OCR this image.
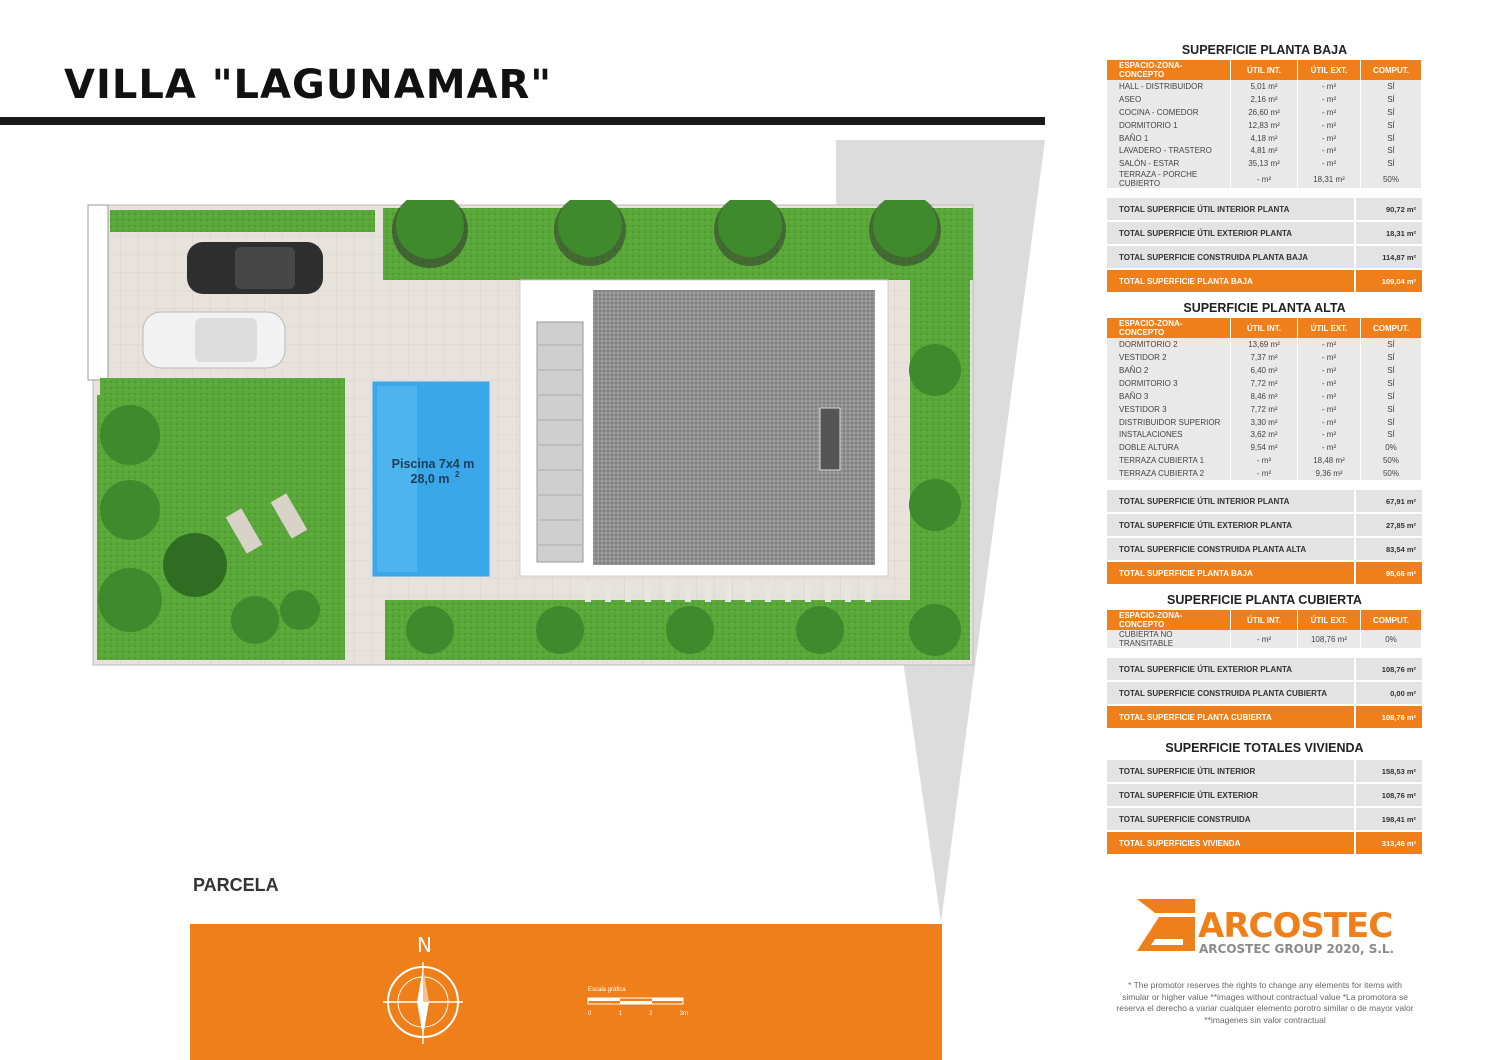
VILLA "LAGUNAMAR"
Piscina 7x4 m
28,0 m 2
PARCELA
N
Escala gráfica
0	1	2	3m
SUPERFICIE PLANTA BAJA
ESPACIO-ZONA-CONCEPTO	ÚTIL INT.	ÚTIL EXT.	COMPUT.
HALL - DISTRIBUIDOR	5,01 m²	- m²	SÍ
ASEO	2,16 m²	- m²	SÍ
COCINA - COMEDOR	26,60 m²	- m²	SÍ
DORMITORIO 1	12,83 m²	- m²	SÍ
BAÑO 1	4,18 m²	- m²	SÍ
LAVADERO - TRASTERO	4,81 m²	- m²	SÍ
SALÓN - ESTAR	35,13 m²	- m²	SÍ
TERRAZA - PORCHE CUBIERTO	- m²	18,31 m²	50%
TOTAL SUPERFICIE ÚTIL INTERIOR PLANTA	90,72 m²
TOTAL SUPERFICIE ÚTIL EXTERIOR PLANTA	18,31 m²
TOTAL SUPERFICIE CONSTRUIDA PLANTA BAJA	114,87 m²
TOTAL SUPERFICIE PLANTA BAJA	109,04 m²
SUPERFICIE PLANTA ALTA
ESPACIO-ZONA-CONCEPTO	ÚTIL INT.	ÚTIL EXT.	COMPUT.
DORMITORIO 2	13,69 m²	- m²	SÍ
VESTIDOR 2	7,37 m²	- m²	SÍ
BAÑO 2	6,40 m²	- m²	SÍ
DORMITORIO 3	7,72 m²	- m²	SÍ
BAÑO 3	8,46 m²	- m²	SÍ
VESTIDOR 3	7,72 m²	- m²	SÍ
DISTRIBUIDOR SUPERIOR	3,30 m²	- m²	SÍ
INSTALACIONES	3,62 m²	- m²	SÍ
DOBLE ALTURA	9,54 m²	- m²	0%
TERRAZA CUBIERTA 1	- m²	18,48 m²	50%
TERRAZA CUBIERTA 2	- m²	9,36 m²	50%
TOTAL SUPERFICIE ÚTIL INTERIOR PLANTA	67,91 m²
TOTAL SUPERFICIE ÚTIL EXTERIOR PLANTA	27,85 m²
TOTAL SUPERFICIE CONSTRUIDA PLANTA ALTA	83,54 m²
TOTAL SUPERFICIE PLANTA BAJA	95,66 m²
SUPERFICIE PLANTA CUBIERTA
ESPACIO-ZONA-CONCEPTO	ÚTIL INT.	ÚTIL EXT.	COMPUT.
CUBIERTA NO TRANSITABLE	- m²	108,76 m²	0%
TOTAL SUPERFICIE ÚTIL EXTERIOR PLANTA	108,76 m²
TOTAL SUPERFICIE CONSTRUIDA PLANTA CUBIERTA	0,00 m²
TOTAL SUPERFICIE PLANTA CUBIERTA	108,76 m²
SUPERFICIE TOTALES VIVIENDA
TOTAL SUPERFICIE ÚTIL INTERIOR	158,53 m²
TOTAL SUPERFICIE ÚTIL EXTERIOR	108,76 m²
TOTAL SUPERFICIE CONSTRUIDA	198,41 m²
TOTAL SUPERFICIES VIVIENDA	313,46 m²
ARCOSTEC
ARCOSTEC GROUP 2020, S.L.
* The promotor reserves the rights to change any elements for items with
simular or higher value **images without contractual value *La promotora se
reserva el derecho a variar cualquier elemento porotro similar o de mayor valor
**imagenes sin valor contractual
